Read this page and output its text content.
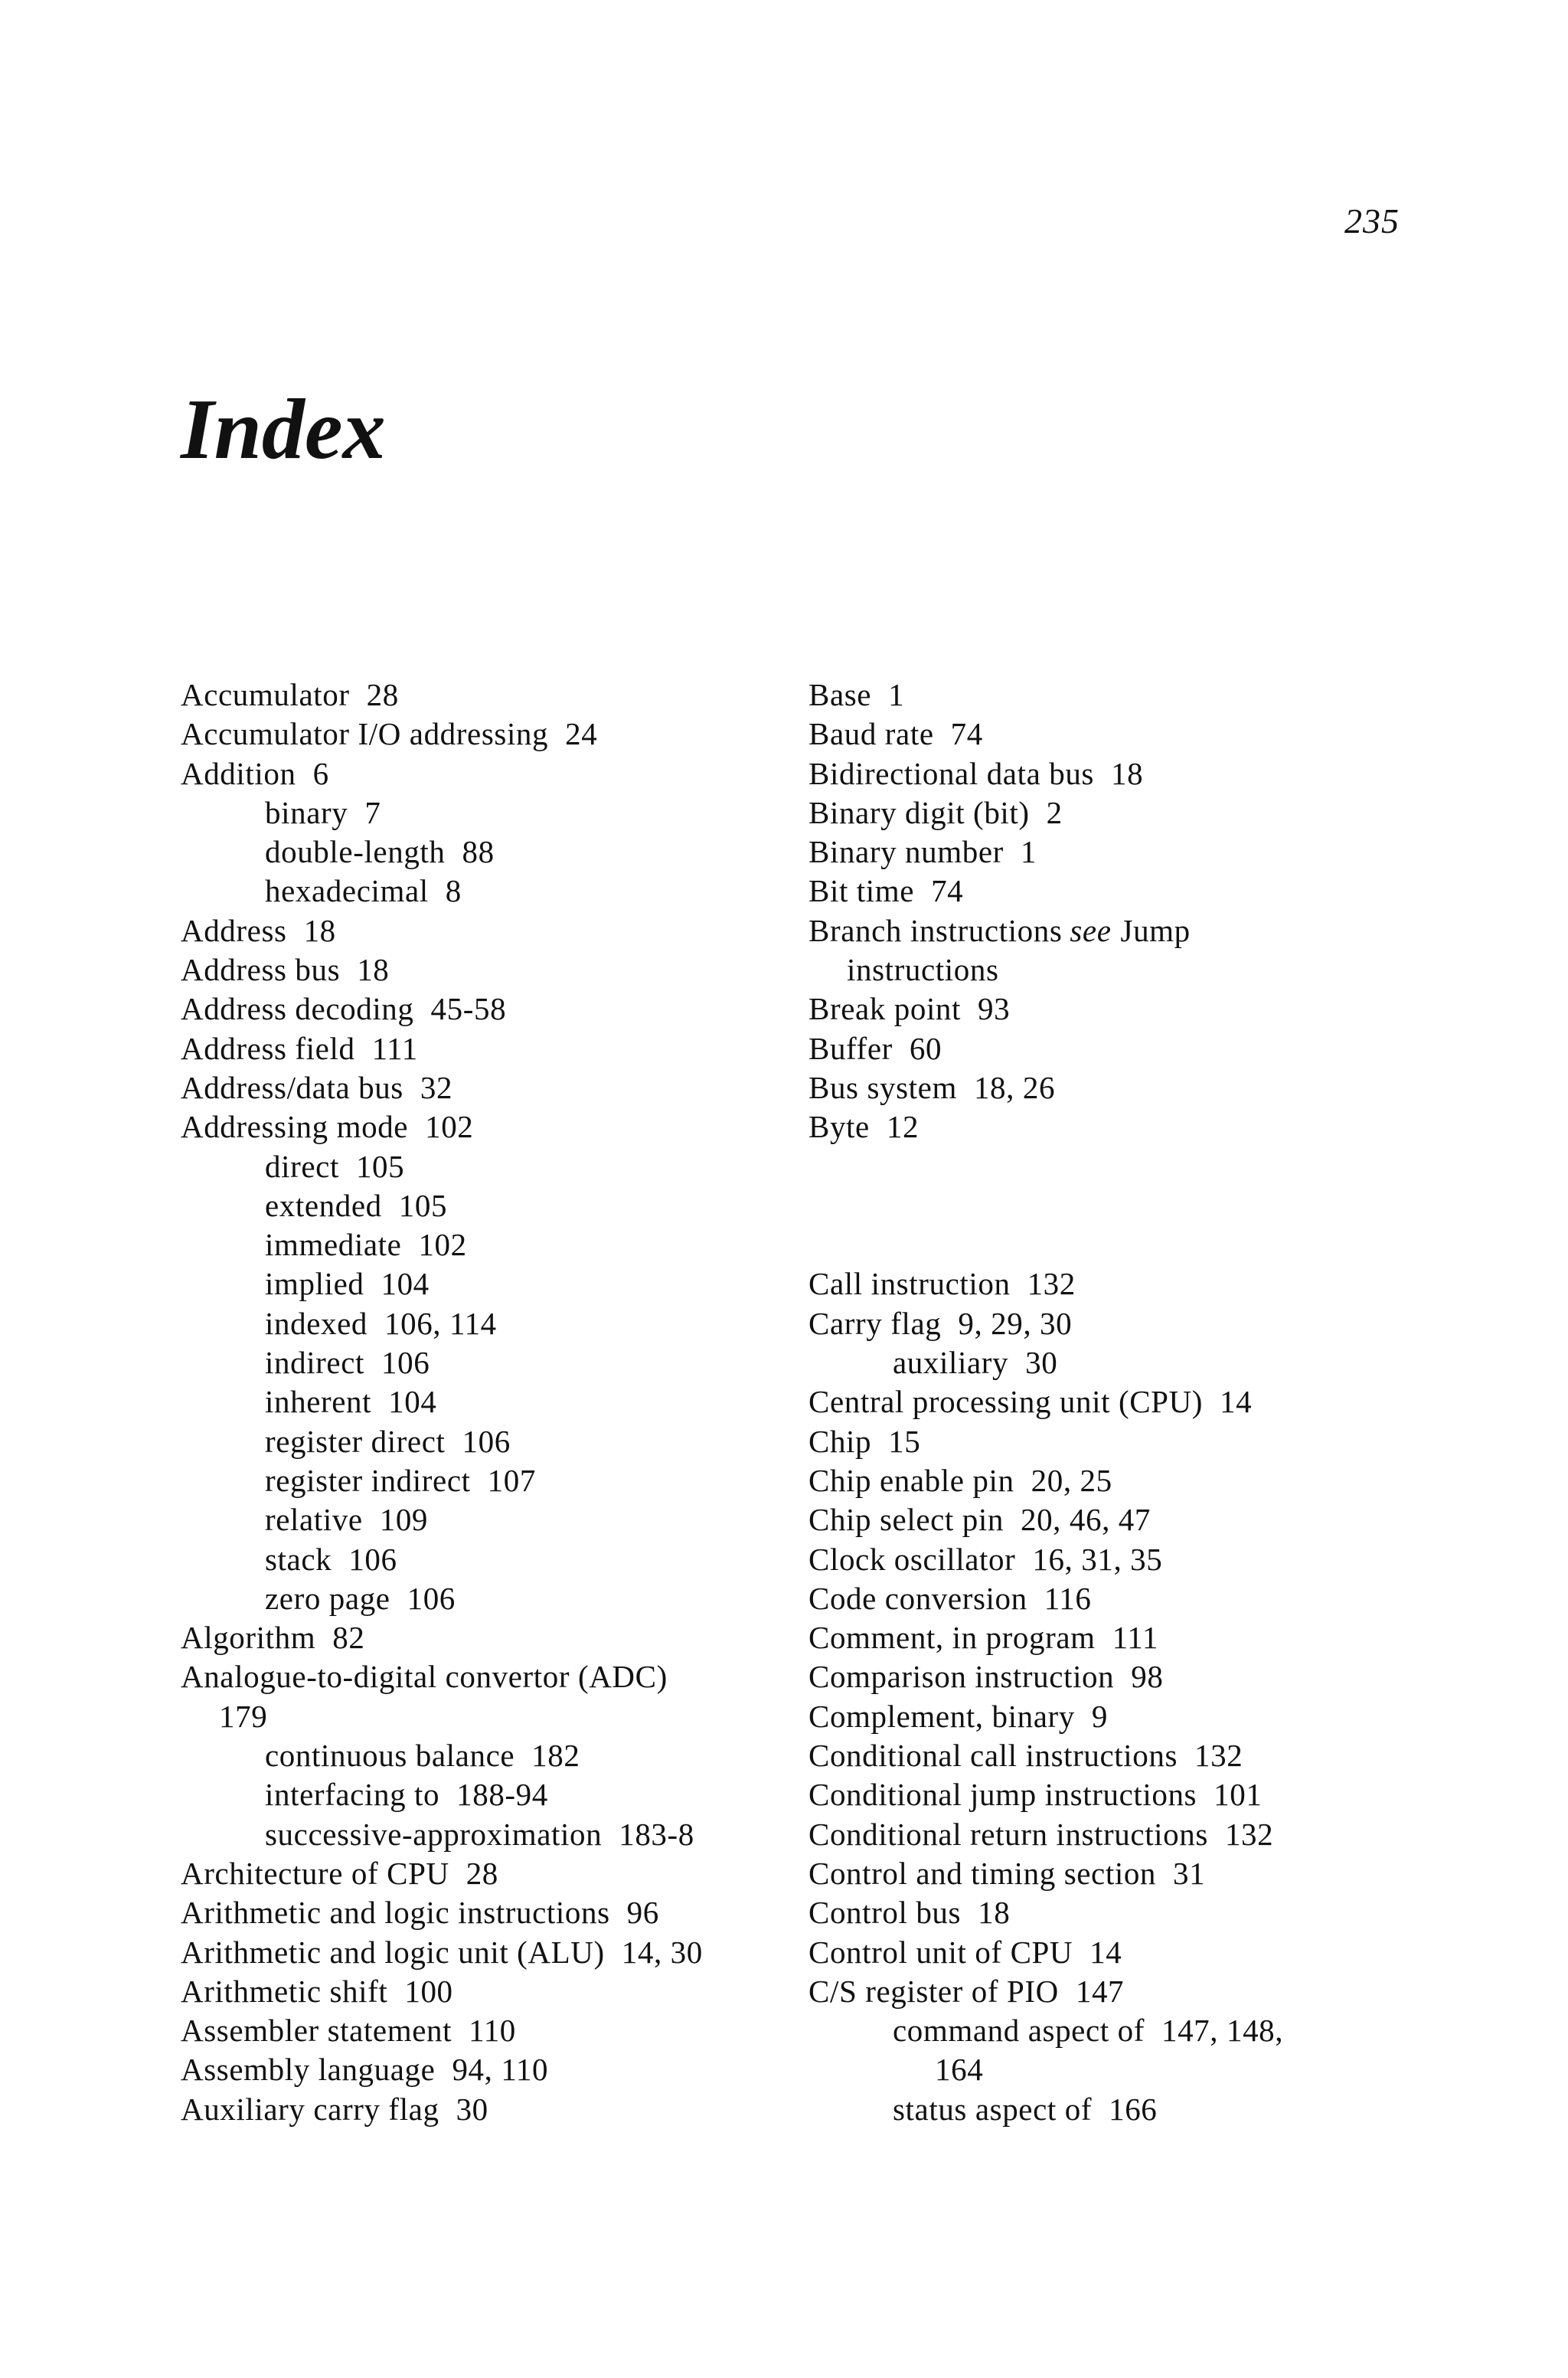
235
Index
Accumulator 28
Accumulator I/O addressing 24
Addition 6
binary 7
double-length 88
hexadecimal 8
Address 18
Address bus 18
Address decoding 45-58
Address field 111
Address/data bus 32
Addressing mode 102
direct 105
extended 105
immediate 102
implied 104
indexed 106, 114
indirect 106
inherent 104
register direct 106
register indirect 107
relative 109
stack 106
zero page 106
Algorithm 82
Analogue-to-digital convertor (ADC)
179
continuous balance 182
interfacing to 188-94
successive-approximation 183-8
Architecture of CPU 28
Arithmetic and logic instructions 96
Arithmetic and logic unit (ALU) 14, 30
Arithmetic shift 100
Assembler statement 110
Assembly language 94, 110
Auxiliary carry flag 30
Base 1
Baud rate 74
Bidirectional data bus 18
Binary digit (bit) 2
Binary number 1
Bit time 74
Branch instructions see Jump
instructions
Break point 93
Buffer 60
Bus system 18, 26
Byte 12
Call instruction 132
Carry flag 9, 29, 30
auxiliary 30
Central processing unit (CPU) 14
Chip 15
Chip enable pin 20, 25
Chip select pin 20, 46, 47
Clock oscillator 16, 31, 35
Code conversion 116
Comment, in program 111
Comparison instruction 98
Complement, binary 9
Conditional call instructions 132
Conditional jump instructions 101
Conditional return instructions 132
Control and timing section 31
Control bus 18
Control unit of CPU 14
C/S register of PIO 147
command aspect of 147, 148,
164
status aspect of 166
